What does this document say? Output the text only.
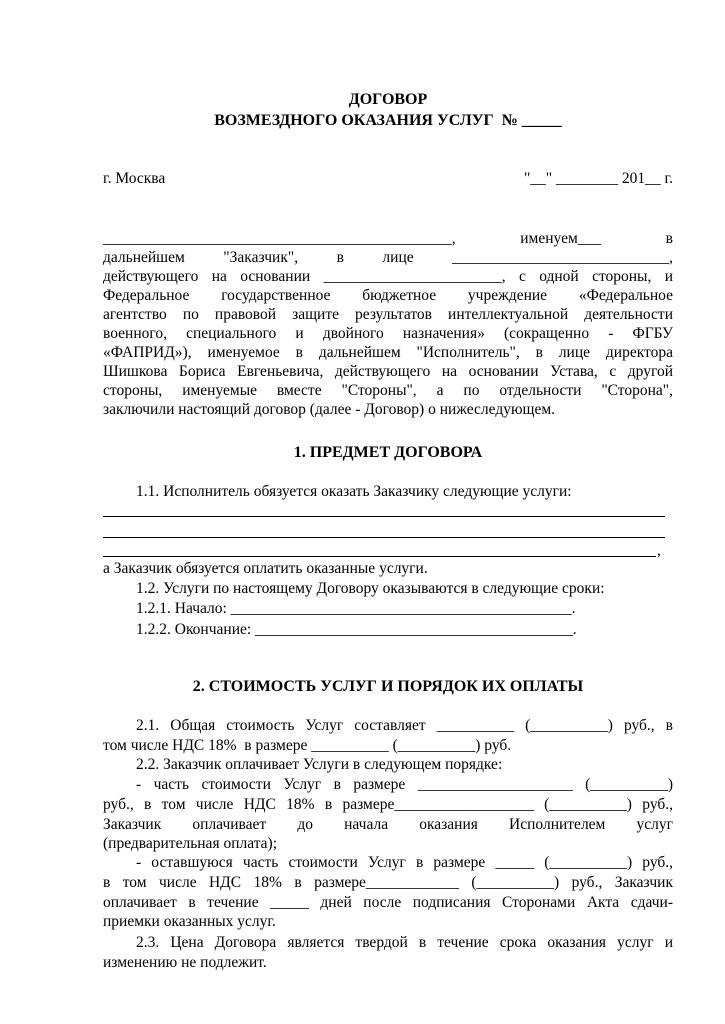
ДОГОВОР
ВОЗМЕЗДНОГО ОКАЗАНИЯ УСЛУГ  № _____
г. Москва	"__" ________ 201__ г.
_____________________________________________,   именуем___   в
дальнейшем   "Заказчик",   в   лице   ____________________________,
действующего на основании _______________________, с одной стороны, и
Федеральное   государственное   бюджетное   учреждение   «Федеральное
агентство по правовой защите результатов интеллектуальной деятельности
военного,   специального   и   двойного   назначения»   (сокращенно   -   ФГБУ
«ФАПРИД»),  именуемое  в  дальнейшем  "Исполнитель",  в  лице  директора
Шишкова Бориса Евгеньевича, действующего на основании Устава, с другой
стороны,   именуемые   вместе   "Стороны",   а   по   отдельности   "Сторона",
заключили настоящий договор (далее - Договор) о нижеследующем.
1. ПРЕДМЕТ ДОГОВОРА
1.1. Исполнитель обязуется оказать Заказчику следующие услуги:
,
а Заказчик обязуется оплатить оказанные услуги.
1.2. Услуги по настоящему Договору оказываются в следующие сроки:
1.2.1. Начало: ____________________________________________.
1.2.2. Окончание: _________________________________________.
2. СТОИМОСТЬ УСЛУГ И ПОРЯДОК ИХ ОПЛАТЫ
2.1. Общая стоимость Услуг составляет __________ (__________) руб., в
том числе НДС 18%  в размере __________ (__________) руб.
2.2. Заказчик оплачивает Услуги в следующем порядке:
- часть стоимости Услуг в размере ____________________ (__________)
руб., в том числе НДС 18% в размере__________________ (__________) руб.,
Заказчик      оплачивает      до      начала      оказания      Исполнителем      услуг
(предварительная оплата);
- оставшуюся часть стоимости Услуг в размере _____ (__________) руб.,
в том числе НДС 18% в размере____________ (__________) руб., Заказчик
оплачивает в течение _____ дней после подписания Сторонами Акта сдачи-
приемки оказанных услуг.
2.3. Цена Договора является твердой в течение срока оказания услуг и
изменению не подлежит.
